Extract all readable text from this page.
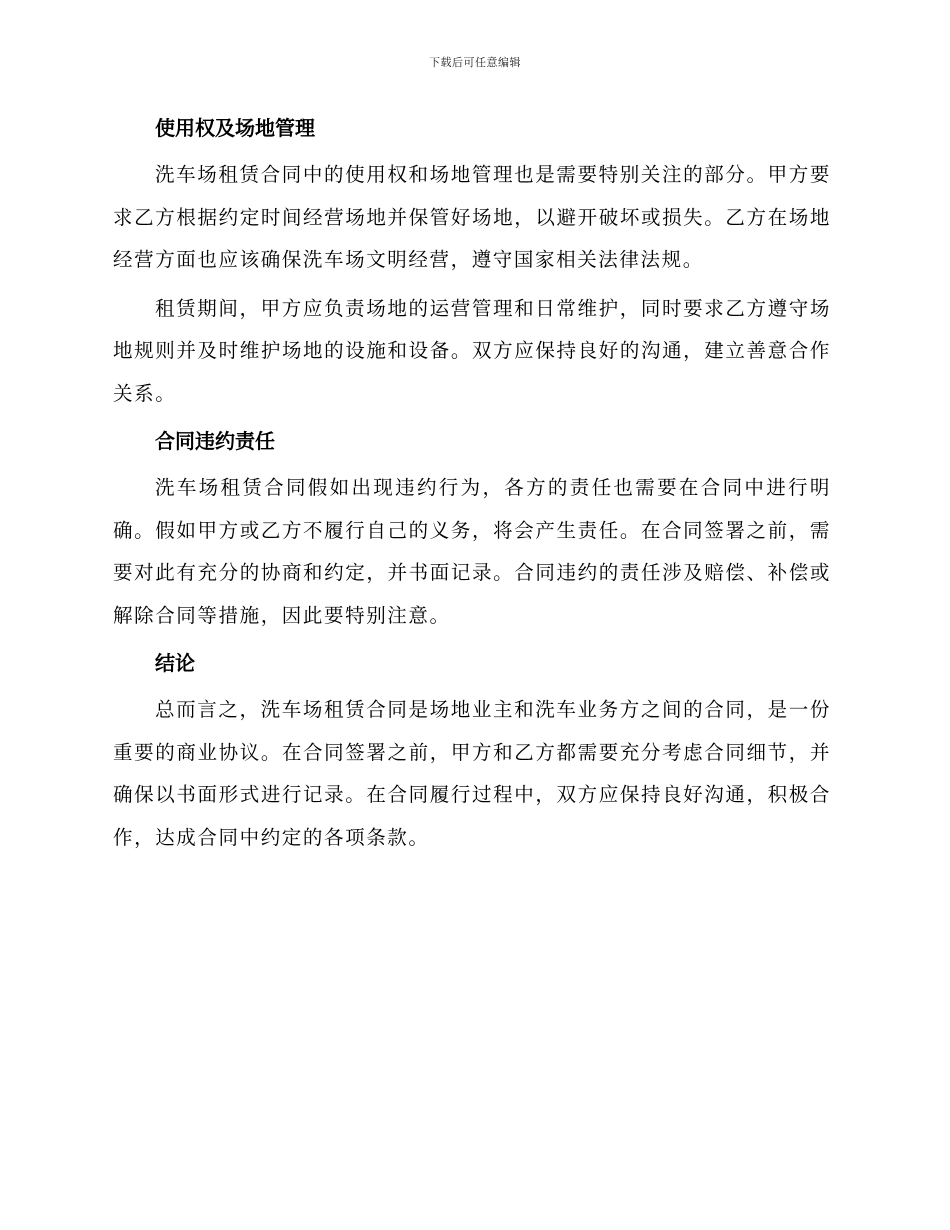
下载后可任意编辑
使用权及场地管理

洗车场租赁合同中的使用权和场地管理也是需要特别关注的部分。甲方要求乙方根据约定时间经营场地并保管好场地，以避开破坏或损失。乙方在场地经营方面也应该确保洗车场文明经营，遵守国家相关法律法规。

租赁期间，甲方应负责场地的运营管理和日常维护，同时要求乙方遵守场地规则并及时维护场地的设施和设备。双方应保持良好的沟通，建立善意合作关系。

合同违约责任

洗车场租赁合同假如出现违约行为，各方的责任也需要在合同中进行明确。假如甲方或乙方不履行自己的义务，将会产生责任。在合同签署之前，需要对此有充分的协商和约定，并书面记录。合同违约的责任涉及赔偿、补偿或解除合同等措施，因此要特别注意。

结论

总而言之，洗车场租赁合同是场地业主和洗车业务方之间的合同，是一份重要的商业协议。在合同签署之前，甲方和乙方都需要充分考虑合同细节，并确保以书面形式进行记录。在合同履行过程中，双方应保持良好沟通，积极合作，达成合同中约定的各项条款。
